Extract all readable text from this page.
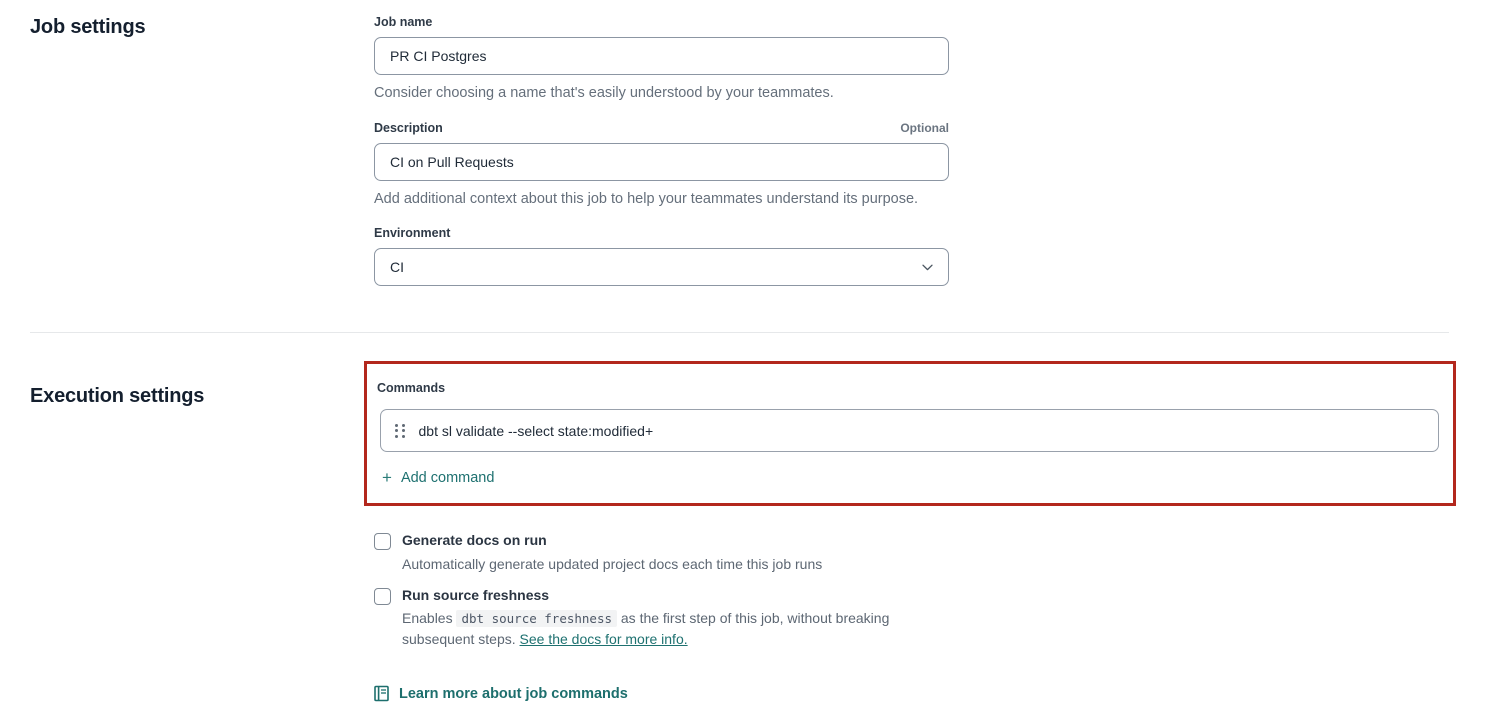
Job settings	Job name
PR CI Postgres

Consider choosing a name that's easily understood by your teammates.

Description	Optional
CI on Pull Requests

Add additional context about this job to help your teammates understand its purpose.

Environment
CI
Execution settings	Commands
dbt sl validate --select state:modified+
+ Add command
Generate docs on run
Automatically generate updated project docs each time this job runs
Run source freshness
Enables dbt source freshness as the first step of this job, without breaking subsequent steps. See the docs for more info.
Learn more about job commands
